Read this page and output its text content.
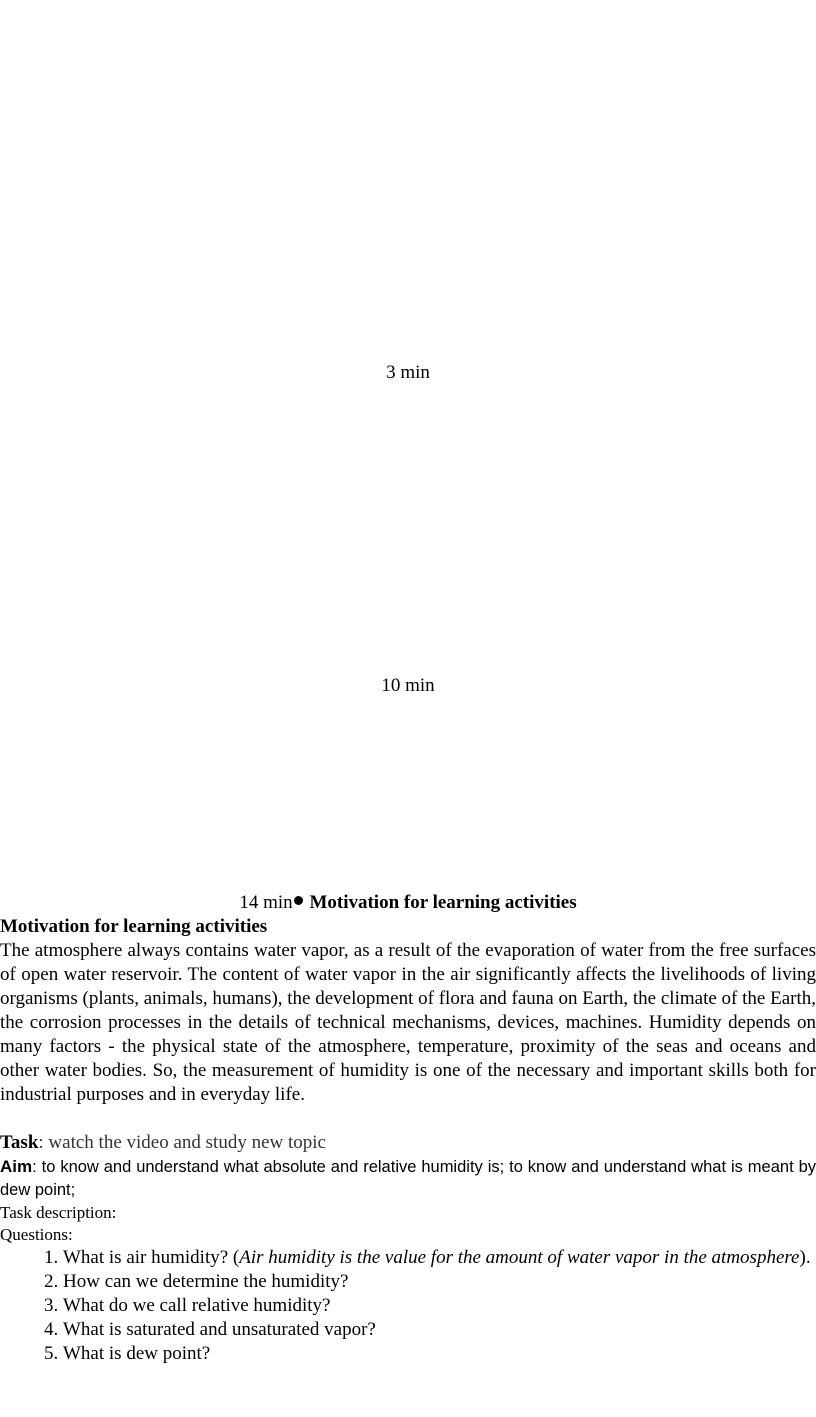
3 min
10 min
14 min Motivation for learning activities

Motivation for learning activities

The atmosphere always contains water vapor, as a result of the evaporation of water from the free surfaces of open water reservoir. The content of water vapor in the air significantly affects the livelihoods of living organisms (plants, animals, humans), the development of flora and fauna on Earth, the climate of the Earth, the corrosion processes in the details of technical mechanisms, devices, machines. Humidity depends on many factors - the physical state of the atmosphere, temperature, proximity of the seas and oceans and other water bodies. So, the measurement of humidity is one of the necessary and important skills both for industrial purposes and in everyday life.

Task: watch the video and study new topic

Aim: to know and understand what absolute and relative humidity is; to know and understand what is meant by dew point;

Task description:

Questions:

1. What is air humidity? (Air humidity is the value for the amount of water vapor in the atmosphere).
2. How can we determine the humidity?
3. What do we call relative humidity?
4. What is saturated and unsaturated vapor?
5. What is dew point?
